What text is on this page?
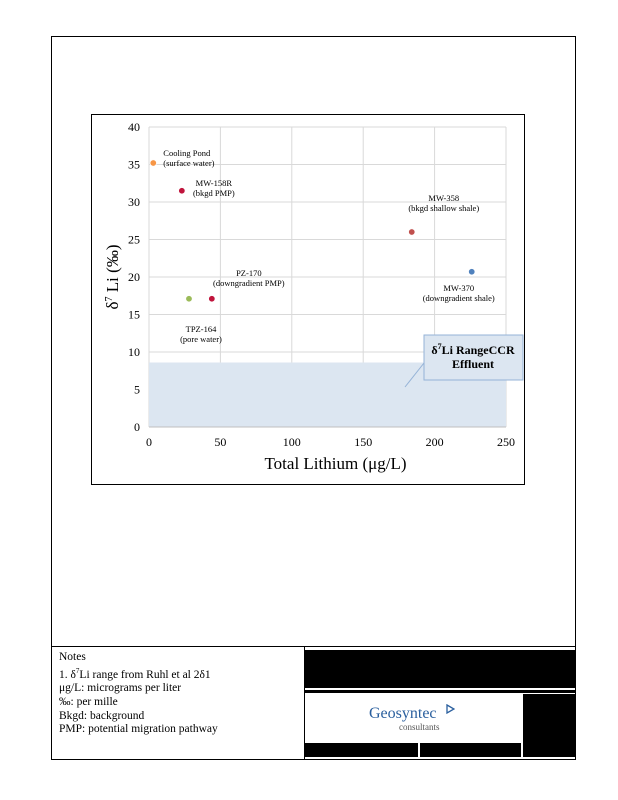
0
5
10
15
20
25
30
35
40
0	50	100	150	200	250
$\delta^7Li$ RangeCCR
Effluent
Cooling Pond
(surface water)
MW-158R
(bkgd PMP)
TPZ-164
(pore water)
PZ-170
(downgradient PMP)
MW-358
(bkgd shallow shale)
MW-370
(downgradient shale)
Total Lithium (μg/L)
$\delta^7$ Li (‰)
Notes
1. $\delta^7Li$ range from Ruhl et al 2δ1
μg/L: micrograms per liter
‰: per mille
Bkgd: background
PMP: potential migration pathway
Geosyntec
consultants
